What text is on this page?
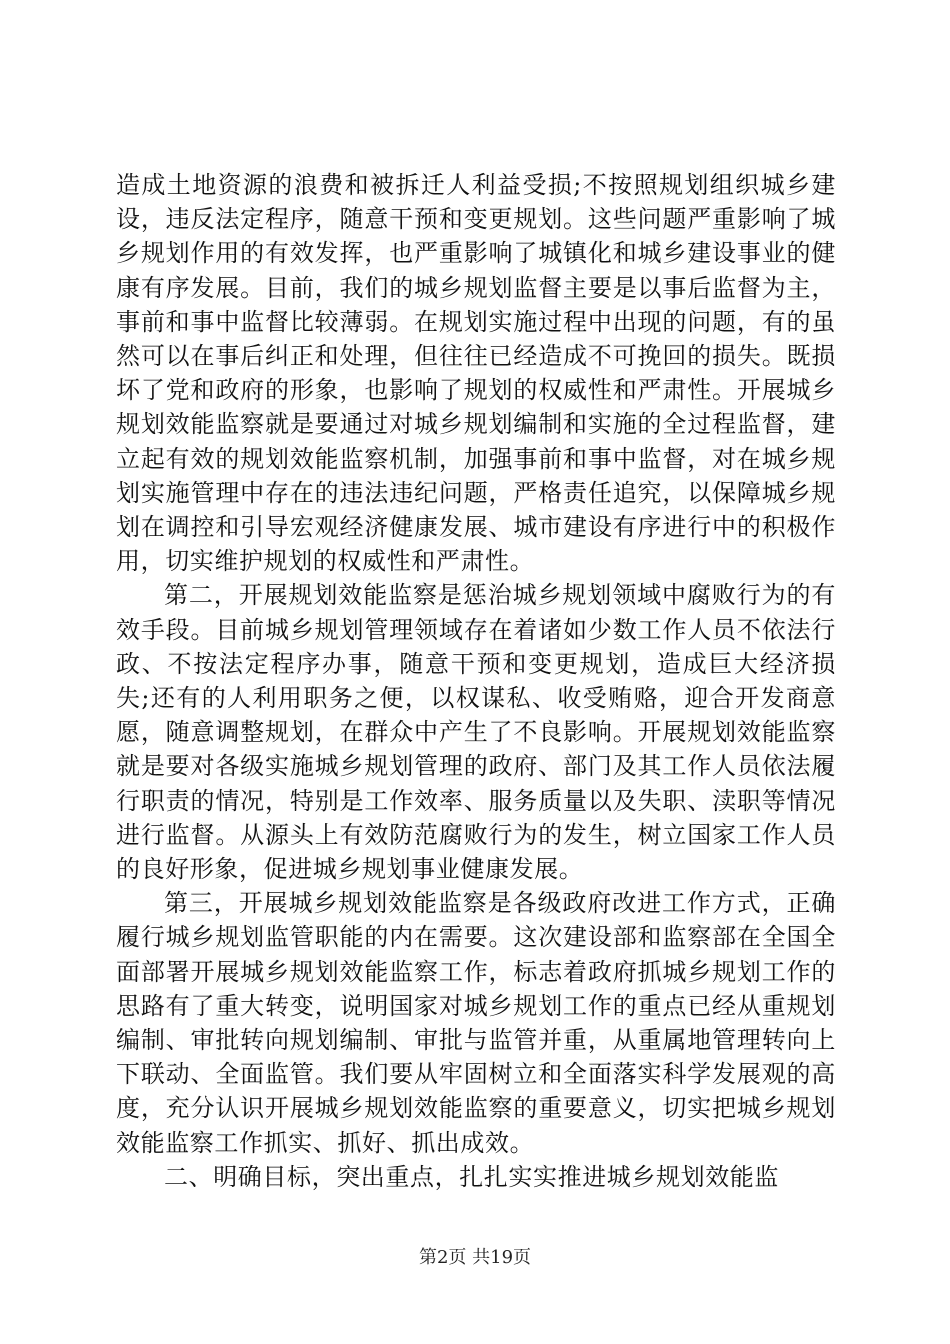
造成土地资源的浪费和被拆迁人利益受损;不按照规划组织城乡建设，违反法定程序，随意干预和变更规划。这些问题严重影响了城乡规划作用的有效发挥，也严重影响了城镇化和城乡建设事业的健康有序发展。目前，我们的城乡规划监督主要是以事后监督为主，事前和事中监督比较薄弱。在规划实施过程中出现的问题，有的虽然可以在事后纠正和处理，但往往已经造成不可挽回的损失。既损坏了党和政府的形象，也影响了规划的权威性和严肃性。开展城乡规划效能监察就是要通过对城乡规划编制和实施的全过程监督，建立起有效的规划效能监察机制，加强事前和事中监督，对在城乡规划实施管理中存在的违法违纪问题，严格责任追究，以保障城乡规划在调控和引导宏观经济健康发展、城市建设有序进行中的积极作用，切实维护规划的权威性和严肃性。

第二，开展规划效能监察是惩治城乡规划领域中腐败行为的有效手段。目前城乡规划管理领域存在着诸如少数工作人员不依法行政、不按法定程序办事，随意干预和变更规划，造成巨大经济损失;还有的人利用职务之便，以权谋私、收受贿赂，迎合开发商意愿，随意调整规划，在群众中产生了不良影响。开展规划效能监察就是要对各级实施城乡规划管理的政府、部门及其工作人员依法履行职责的情况，特别是工作效率、服务质量以及失职、渎职等情况进行监督。从源头上有效防范腐败行为的发生，树立国家工作人员的良好形象，促进城乡规划事业健康发展。

第三，开展城乡规划效能监察是各级政府改进工作方式，正确履行城乡规划监管职能的内在需要。这次建设部和监察部在全国全面部署开展城乡规划效能监察工作，标志着政府抓城乡规划工作的思路有了重大转变，说明国家对城乡规划工作的重点已经从重规划编制、审批转向规划编制、审批与监管并重，从重属地管理转向上下联动、全面监管。我们要从牢固树立和全面落实科学发展观的高度，充分认识开展城乡规划效能监察的重要意义，切实把城乡规划效能监察工作抓实、抓好、抓出成效。

二、明确目标，突出重点，扎扎实实推进城乡规划效能监

第2页 共19页
